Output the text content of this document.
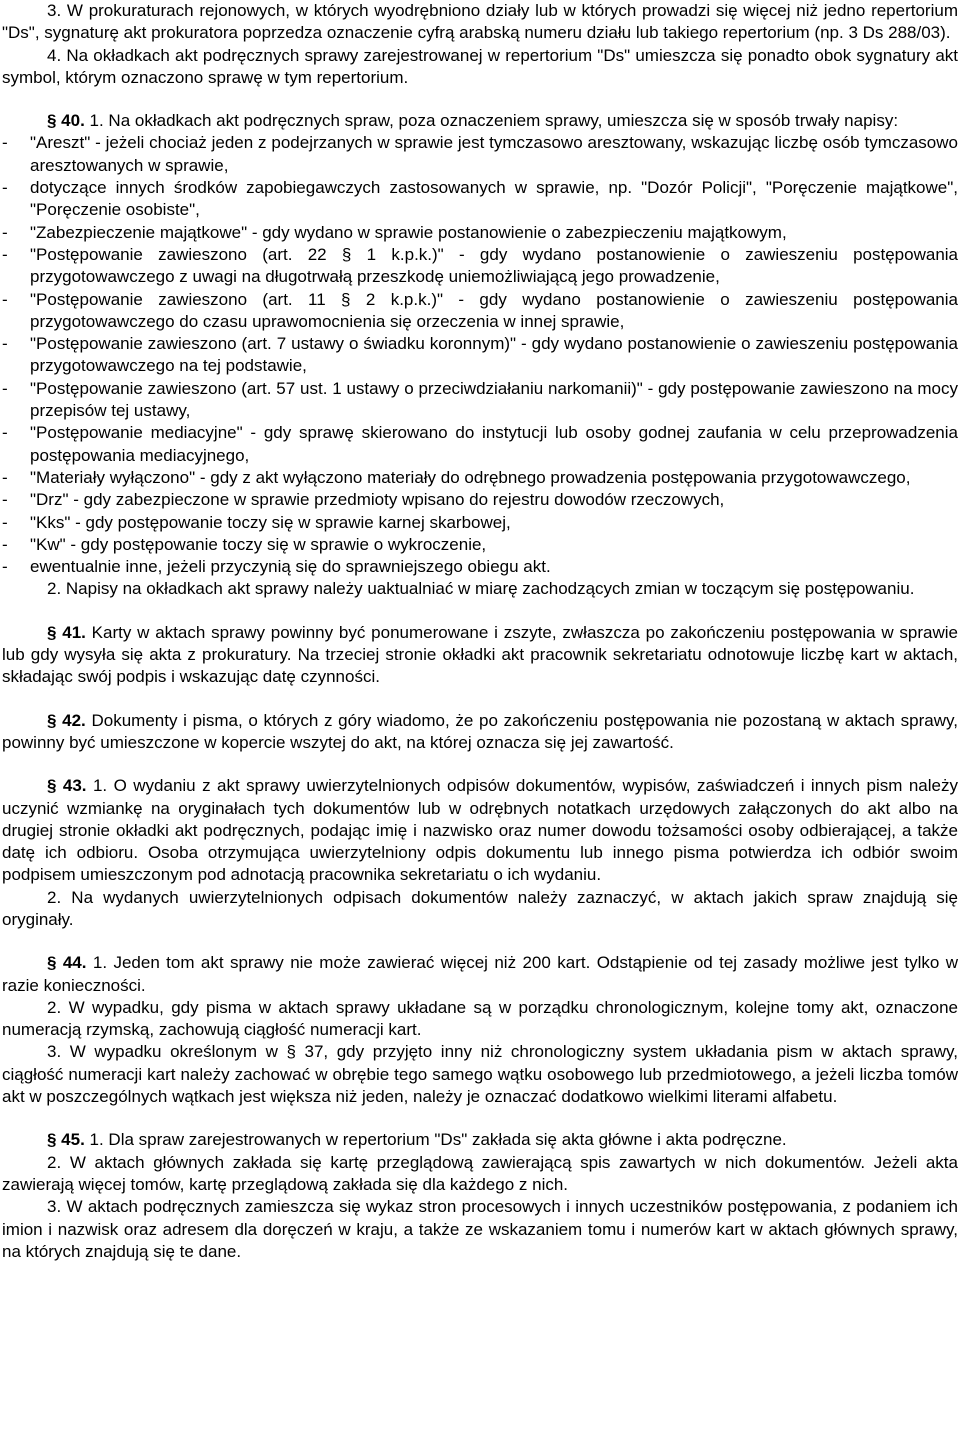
3. W prokuraturach rejonowych, w których wyodrębniono działy lub w których prowadzi się więcej niż jedno repertorium "Ds", sygnaturę akt prokuratora poprzedza oznaczenie cyfrą arabską numeru działu lub takiego repertorium (np. 3 Ds 288/03).

4. Na okładkach akt podręcznych sprawy zarejestrowanej w repertorium "Ds" umieszcza się ponadto obok sygnatury akt symbol, którym oznaczono sprawę w tym repertorium.

§ 40. 1. Na okładkach akt podręcznych spraw, poza oznaczeniem sprawy, umieszcza się w sposób trwały napisy:

-	"Areszt" - jeżeli chociaż jeden z podejrzanych w sprawie jest tymczasowo aresztowany, wskazując liczbę osób tymczasowo aresztowanych w sprawie,
-	dotyczące innych środków zapobiegawczych zastosowanych w sprawie, np. "Dozór Policji", "Poręczenie majątkowe", "Poręczenie osobiste",
-	"Zabezpieczenie majątkowe" - gdy wydano w sprawie postanowienie o zabezpieczeniu majątkowym,
-	"Postępowanie zawieszono (art. 22 § 1 k.p.k.)" - gdy wydano postanowienie o zawieszeniu postępowania przygotowawczego z uwagi na długotrwałą przeszkodę uniemożliwiającą jego prowadzenie,
-	"Postępowanie zawieszono (art. 11 § 2 k.p.k.)" - gdy wydano postanowienie o zawieszeniu postępowania przygotowawczego do czasu uprawomocnienia się orzeczenia w innej sprawie,
-	"Postępowanie zawieszono (art. 7 ustawy o świadku koronnym)" - gdy wydano postanowienie o zawieszeniu postępowania przygotowawczego na tej podstawie,
-	"Postępowanie zawieszono (art. 57 ust. 1 ustawy o przeciwdziałaniu narkomanii)" - gdy postępowanie zawieszono na mocy przepisów tej ustawy,
-	"Postępowanie mediacyjne" - gdy sprawę skierowano do instytucji lub osoby godnej zaufania w celu przeprowadzenia postępowania mediacyjnego,
-	"Materiały wyłączono" - gdy z akt wyłączono materiały do odrębnego prowadzenia postępowania przygotowawczego,
-	"Drz" - gdy zabezpieczone w sprawie przedmioty wpisano do rejestru dowodów rzeczowych,
-	"Kks" - gdy postępowanie toczy się w sprawie karnej skarbowej,
-	"Kw" - gdy postępowanie toczy się w sprawie o wykroczenie,
-	ewentualnie inne, jeżeli przyczynią się do sprawniejszego obiegu akt.

2. Napisy na okładkach akt sprawy należy uaktualniać w miarę zachodzących zmian w toczącym się postępowaniu.

§ 41. Karty w aktach sprawy powinny być ponumerowane i zszyte, zwłaszcza po zakończeniu postępowania w sprawie lub gdy wysyła się akta z prokuratury. Na trzeciej stronie okładki akt pracownik sekretariatu odnotowuje liczbę kart w aktach, składając swój podpis i wskazując datę czynności.

§ 42. Dokumenty i pisma, o których z góry wiadomo, że po zakończeniu postępowania nie pozostaną w aktach sprawy, powinny być umieszczone w kopercie wszytej do akt, na której oznacza się jej zawartość.

§ 43. 1. O wydaniu z akt sprawy uwierzytelnionych odpisów dokumentów, wypisów, zaświadczeń i innych pism należy uczynić wzmiankę na oryginałach tych dokumentów lub w odrębnych notatkach urzędowych załączonych do akt albo na drugiej stronie okładki akt podręcznych, podając imię i nazwisko oraz numer dowodu tożsamości osoby odbierającej, a także datę ich odbioru. Osoba otrzymująca uwierzytelniony odpis dokumentu lub innego pisma potwierdza ich odbiór swoim podpisem umieszczonym pod adnotacją pracownika sekretariatu o ich wydaniu.

2. Na wydanych uwierzytelnionych odpisach dokumentów należy zaznaczyć, w aktach jakich spraw znajdują się oryginały.

§ 44. 1. Jeden tom akt sprawy nie może zawierać więcej niż 200 kart. Odstąpienie od tej zasady możliwe jest tylko w razie konieczności.

2. W wypadku, gdy pisma w aktach sprawy układane są w porządku chronologicznym, kolejne tomy akt, oznaczone numeracją rzymską, zachowują ciągłość numeracji kart.

3. W wypadku określonym w § 37, gdy przyjęto inny niż chronologiczny system układania pism w aktach sprawy, ciągłość numeracji kart należy zachować w obrębie tego samego wątku osobowego lub przedmiotowego, a jeżeli liczba tomów akt w poszczególnych wątkach jest większa niż jeden, należy je oznaczać dodatkowo wielkimi literami alfabetu.

§ 45. 1. Dla spraw zarejestrowanych w repertorium "Ds" zakłada się akta główne i akta podręczne.

2. W aktach głównych zakłada się kartę przeglądową zawierającą spis zawartych w nich dokumentów. Jeżeli akta zawierają więcej tomów, kartę przeglądową zakłada się dla każdego z nich.

3. W aktach podręcznych zamieszcza się wykaz stron procesowych i innych uczestników postępowania, z podaniem ich imion i nazwisk oraz adresem dla doręczeń w kraju, a także ze wskazaniem tomu i numerów kart w aktach głównych sprawy, na których znajdują się te dane.
